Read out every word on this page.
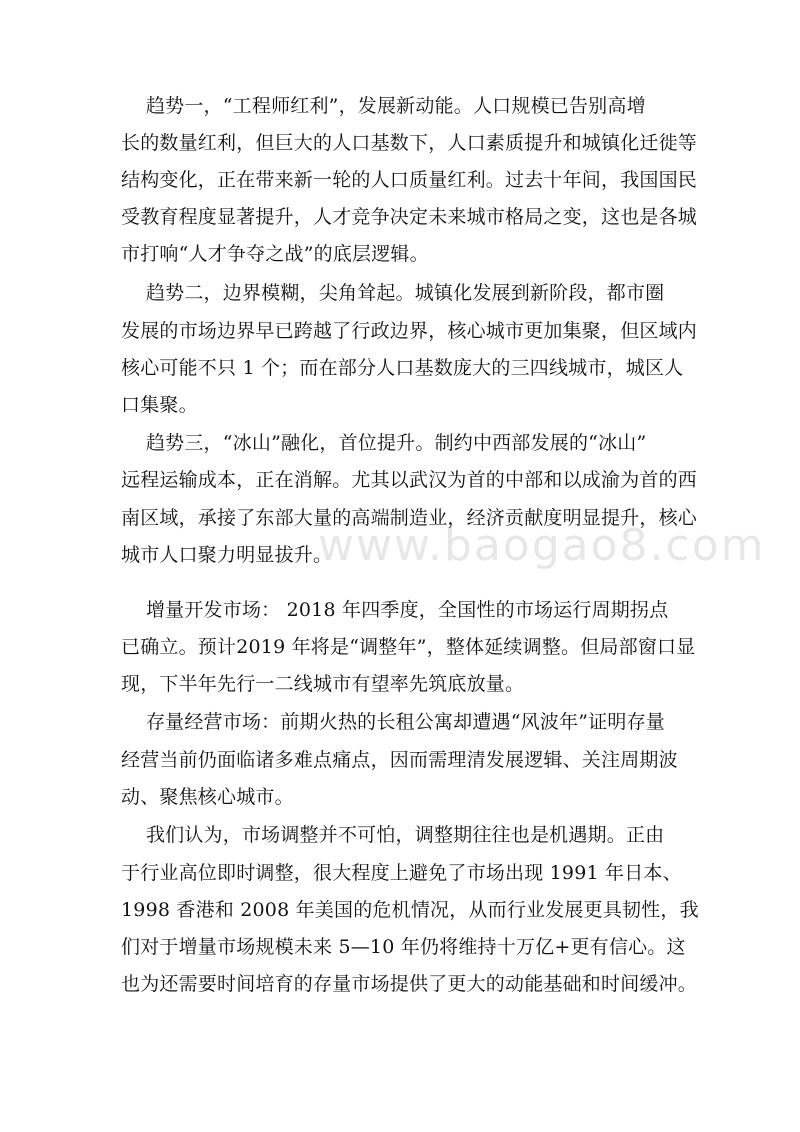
www.baogao8.com
趋势一，“工程师红利”，发展新动能。人口规模已告别高增
长的数量红利，但巨大的人口基数下，人口素质提升和城镇化迁徙等
结构变化，正在带来新一轮的人口质量红利。过去十年间，我国国民
受教育程度显著提升，人才竞争决定未来城市格局之变，这也是各城
市打响“人才争夺之战”的底层逻辑。
趋势二，边界模糊，尖角耸起。城镇化发展到新阶段，都市圈
发展的市场边界早已跨越了行政边界，核心城市更加集聚，但区域内
核心可能不只 1 个；而在部分人口基数庞大的三四线城市，城区人
口集聚。
趋势三，“冰山”融化，首位提升。制约中西部发展的“冰山”
远程运输成本，正在消解。尤其以武汉为首的中部和以成渝为首的西
南区域，承接了东部大量的高端制造业，经济贡献度明显提升，核心
城市人口聚力明显拔升。
增量开发市场： 2018 年四季度，全国性的市场运行周期拐点
已确立。预计2019 年将是“调整年”，整体延续调整。但局部窗口显
现，下半年先行一二线城市有望率先筑底放量。
存量经营市场：前期火热的长租公寓却遭遇“风波年”证明存量
经营当前仍面临诸多难点痛点，因而需理清发展逻辑、关注周期波
动、聚焦核心城市。
我们认为，市场调整并不可怕，调整期往往也是机遇期。正由
于行业高位即时调整，很大程度上避免了市场出现 1991 年日本、
1998 香港和 2008 年美国的危机情况，从而行业发展更具韧性，我
们对于增量市场规模未来 5—10 年仍将维持十万亿+更有信心。这
也为还需要时间培育的存量市场提供了更大的动能基础和时间缓冲。
